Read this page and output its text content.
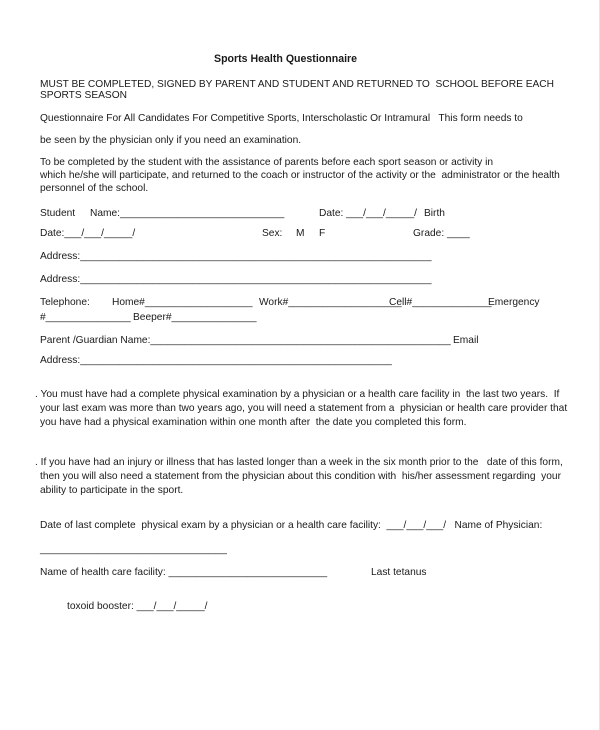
Sports Health Questionnaire
MUST BE COMPLETED, SIGNED BY PARENT AND STUDENT AND RETURNED TO  SCHOOL BEFORE EACH
SPORTS SEASON
Questionnaire For All Candidates For Competitive Sports, Interscholastic Or Intramural   This form needs to
be seen by the physician only if you need an examination.
To be completed by the student with the assistance of parents before each sport season or activity in
which he/she will participate, and returned to the coach or instructor of the activity or the  administrator or the health
personnel of the school.
Student Name:_____________________________	Date: ___/___/_____/ Birth
Date:___/___/_____/	Sex: M F	Grade: ____
Address:______________________________________________________________
Address:______________________________________________________________
Telephone: Home#___________________ Work#____________________
Cell#______________
Emergency
#_______________ Beeper#_______________
Parent /Guardian Name:_____________________________________________________ Email
Address:_______________________________________________________
. You must have had a complete physical examination by a physician or a health care facility in  the last two years.  If
your last exam was more than two years ago, you will need a statement from a  physician or health care provider that
you have had a physical examination within one month after  the date you completed this form.
. If you have had an injury or illness that has lasted longer than a week in the six month prior to the   date of this form,
then you will also need a statement from the physician about this condition with  his/her assessment regarding  your
ability to participate in the sport.
Date of last complete  physical exam by a physician or a health care facility:  ___/___/___/   Name of Physician:
_________________________________
Name of health care facility: ____________________________	Last tetanus
toxoid booster: ___/___/_____/
